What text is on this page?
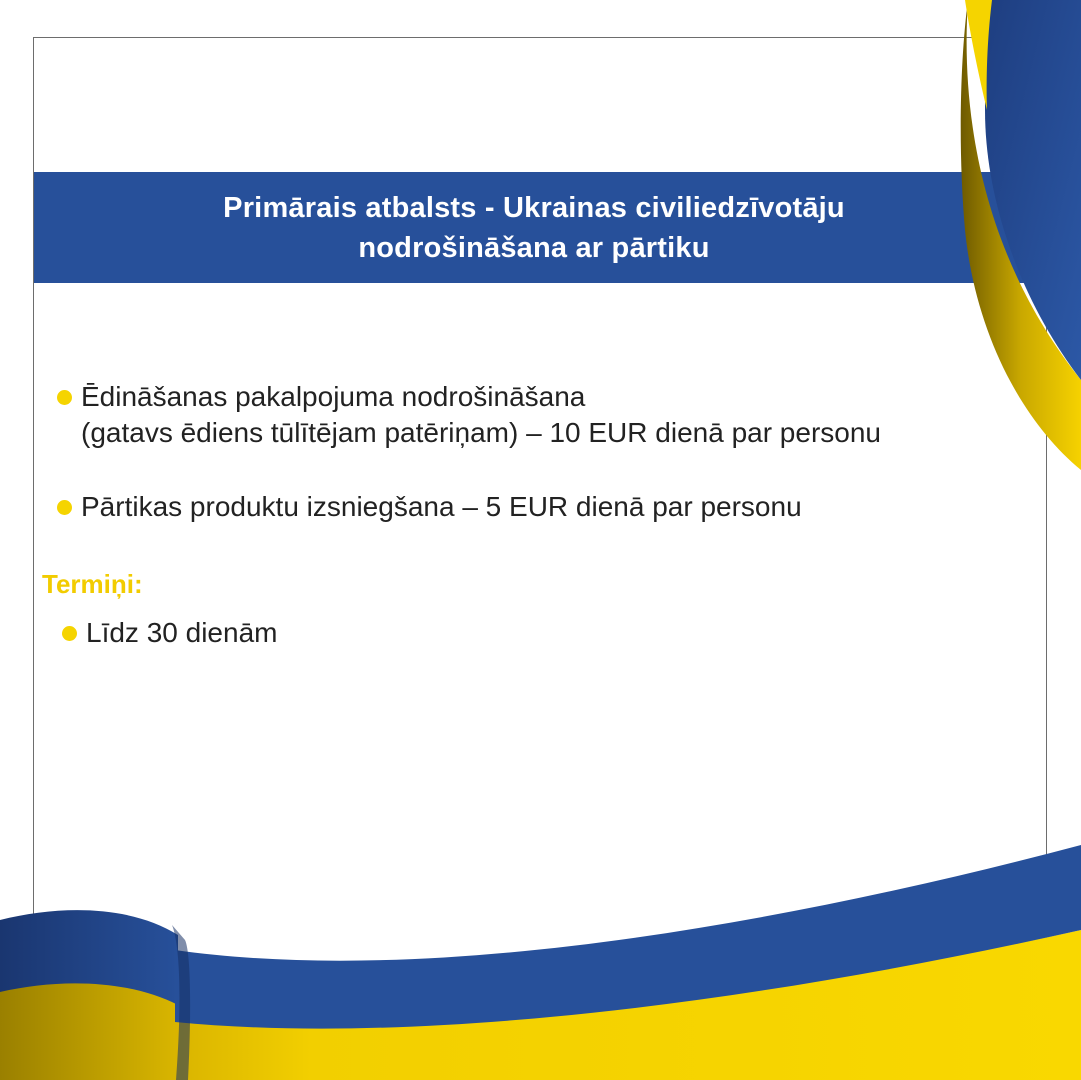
Primārais atbalsts - Ukrainas civiliedzīvotāju
nodrošināšana ar pārtiku
Ēdināšanas pakalpojuma nodrošināšana
(gatavs ēdiens tūlītējam patēriņam) – 10 EUR dienā par personu
Pārtikas produktu izsniegšana – 5 EUR dienā par personu
Termiņi:
Līdz 30 dienām
